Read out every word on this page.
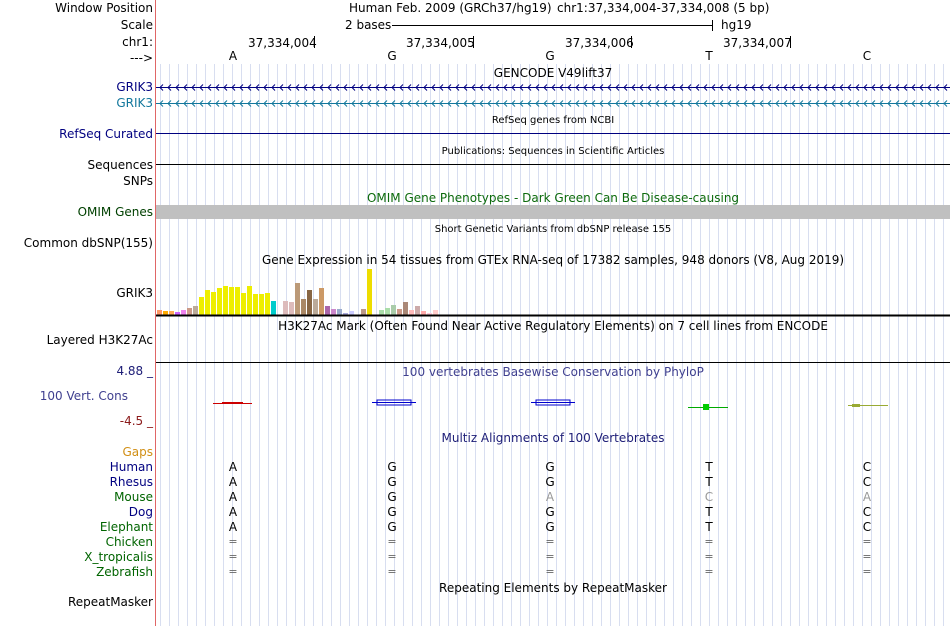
Window Position
Scale
chr1:
--->
Human Feb. 2009 (GRCh37/hg19) chr1:37,334,004-37,334,008 (5 bp)
2 bases	hg19
37,334,004	37,334,005	37,334,006	37,334,007
A	G	G	T	C
GENCODE V49lift37
GRIK3
GRIK3
RefSeq genes from NCBI
RefSeq Curated
Publications: Sequences in Scientific Articles
Sequences
SNPs
OMIM Gene Phenotypes - Dark Green Can Be Disease-causing
OMIM Genes
Short Genetic Variants from dbSNP release 155
Common dbSNP(155)
Gene Expression in 54 tissues from GTEx RNA-seq of 17382 samples, 948 donors (V8, Aug 2019)
GRIK3
H3K27Ac Mark (Often Found Near Active Regulatory Elements) on 7 cell lines from ENCODE
Layered H3K27Ac
4.88 _	100 vertebrates Basewise Conservation by PhyloP
100 Vert. Cons
-4.5 _
Multiz Alignments of 100 Vertebrates
Gaps
Human	A	G	G	T	C
Rhesus	A	G	G	T	C
Mouse	A	G	A	C	A
Dog	A	G	G	T	C
Elephant	A	G	G	T	C
Chicken	=	=	=	=	=
X_tropicalis	=	=	=	=	=
Zebrafish	=	=	=	=	=
Repeating Elements by RepeatMasker
RepeatMasker
